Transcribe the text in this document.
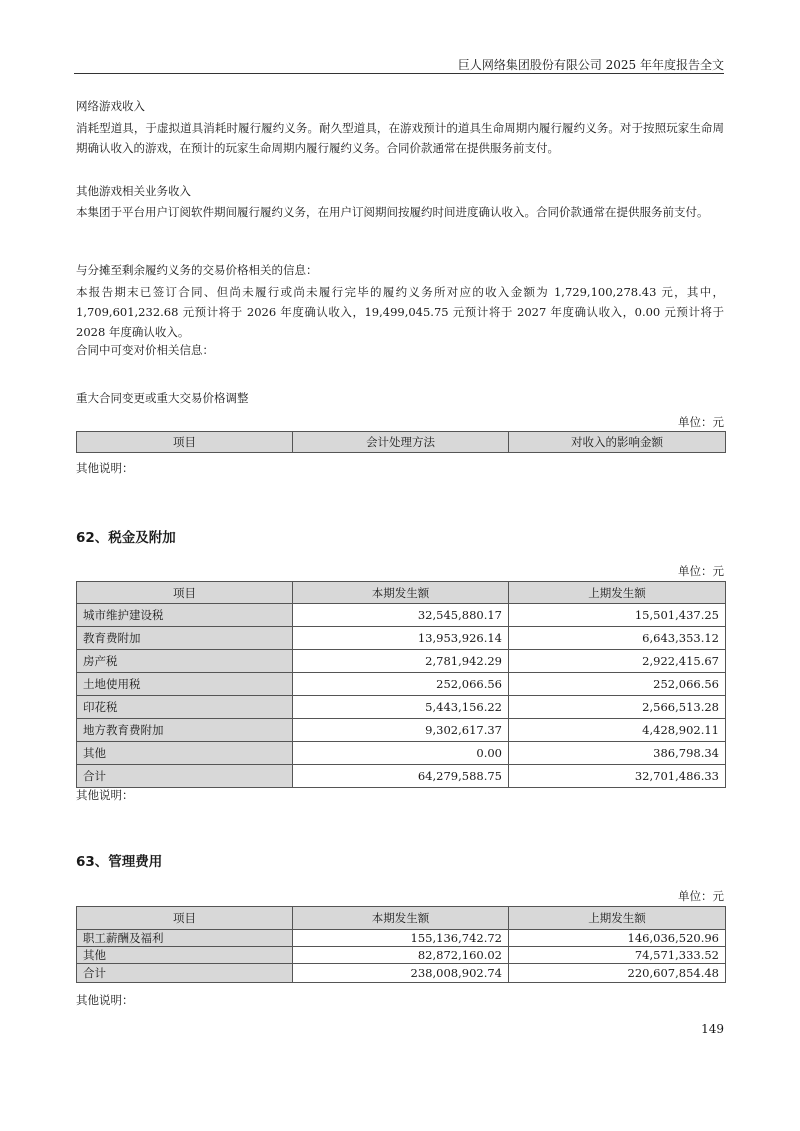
巨人网络集团股份有限公司 2025 年年度报告全文
网络游戏收入
消耗型道具，于虚拟道具消耗时履行履约义务。耐久型道具，在游戏预计的道具生命周期内履行履约义务。对于按照玩家生命周期确认收入的游戏，在预计的玩家生命周期内履行履约义务。合同价款通常在提供服务前支付。
其他游戏相关业务收入
本集团于平台用户订阅软件期间履行履约义务，在用户订阅期间按履约时间进度确认收入。合同价款通常在提供服务前支付。
与分摊至剩余履约义务的交易价格相关的信息：
本报告期末已签订合同、但尚未履行或尚未履行完毕的履约义务所对应的收入金额为 1,729,100,278.43 元，其中，1,709,601,232.68 元预计将于 2026 年度确认收入，19,499,045.75 元预计将于 2027 年度确认收入，0.00 元预计将于 2028 年度确认收入。
合同中可变对价相关信息：
重大合同变更或重大交易价格调整
单位：元
项目	会计处理方法	对收入的影响金额
其他说明：
62、税金及附加
单位：元
项目	本期发生额	上期发生额
城市维护建设税	32,545,880.17	15,501,437.25
教育费附加	13,953,926.14	6,643,353.12
房产税	2,781,942.29	2,922,415.67
土地使用税	252,066.56	252,066.56
印花税	5,443,156.22	2,566,513.28
地方教育费附加	9,302,617.37	4,428,902.11
其他	0.00	386,798.34
合计	64,279,588.75	32,701,486.33
其他说明：
63、管理费用
单位：元
项目	本期发生额	上期发生额
职工薪酬及福利	155,136,742.72	146,036,520.96
其他	82,872,160.02	74,571,333.52
合计	238,008,902.74	220,607,854.48
其他说明：
149
